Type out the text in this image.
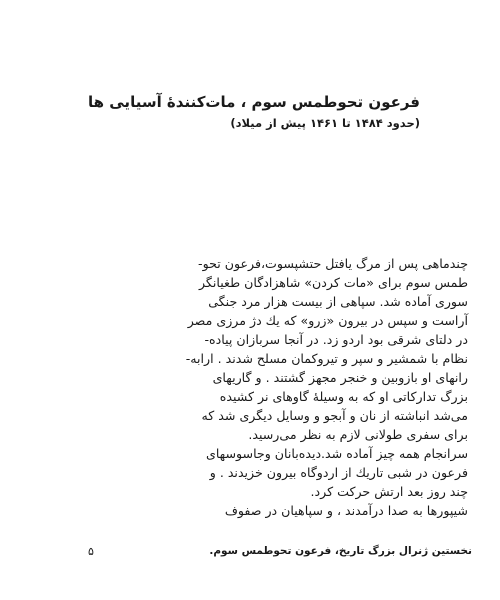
فرعون تحوطمس سوم ، مات‌کنندهٔ آسیایی ها
(حدود ۱۴۸۴ تا ۱۴۶۱ پیش از میلاد)
چندماهی پس از مرگ یافتل حتشپسوت،فرعون تحو-
طمس سوم برای «مات کردن» شاهزادگان طغیانگر
سوری آماده شد. سپاهی از بیست هزار مرد جنگی
آراست و سپس در بیرون «زرو» که یك دژ مرزی مصر
در دلتای شرقی بود اردو زد. در آنجا سربازان پیاده-
نظام با شمشیر و سپر و تیروکمان مسلح شدند . ارابه-
رانهای او بازوبین و خنجر مجهز گشتند . و گاریهای
بزرگ تدارکاتی او که به وسیلهٔ گاوهای نر کشیده
می‌شد انباشته از نان و آبجو و وسایل دیگری شد که
برای سفری طولانی لازم به نظر می‌رسید.
سرانجام همه چیز آماده شد.دیده‌بانان وجاسوسهای
فرعون در شبی تاریك از اردوگاه بیرون خزیدند . و
چند روز بعد ارتش حرکت کرد.
شیپورها به صدا درآمدند ، و سپاهیان در صفوف
نخستین ژنرال بزرگ تاریخ، فرعون تحوطمس سوم.
۵
